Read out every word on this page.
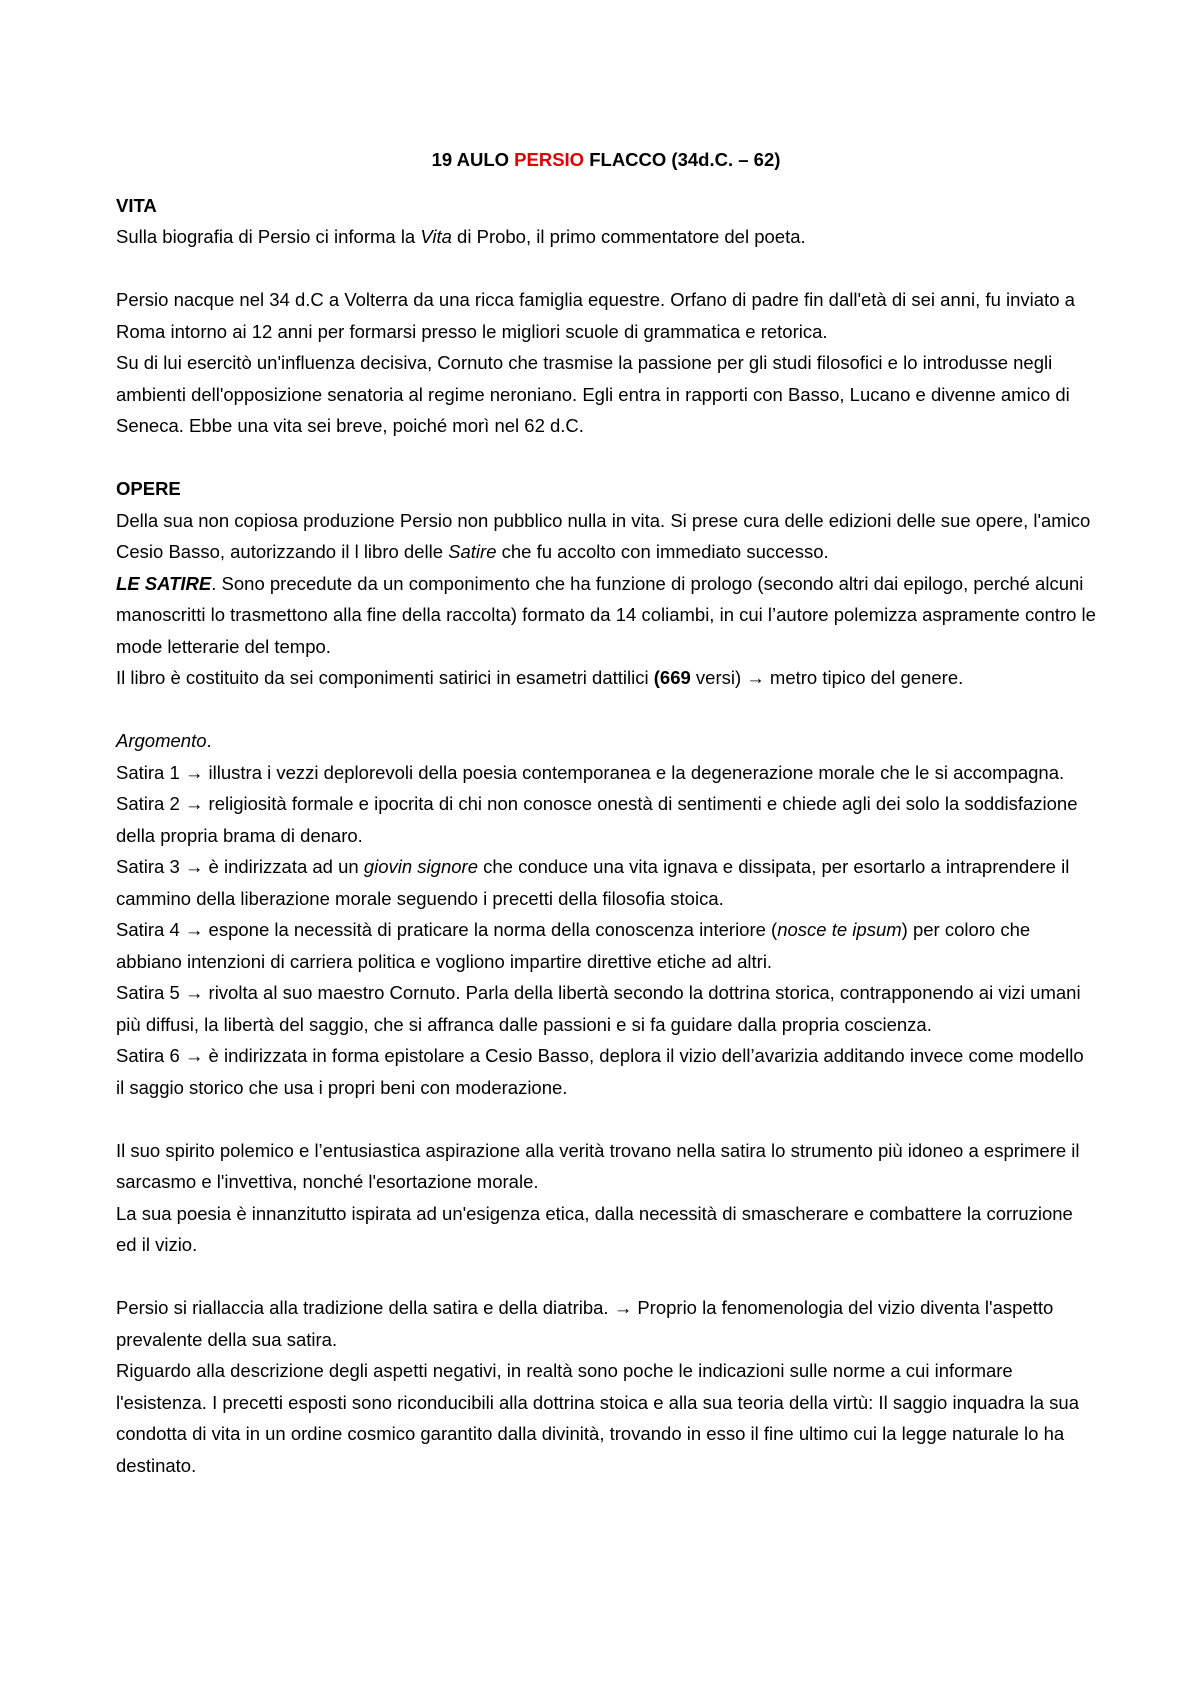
19 AULO PERSIO FLACCO (34d.C. – 62)

VITA

Sulla biografia di Persio ci informa la Vita di Probo, il primo commentatore del poeta.

Persio nacque nel 34 d.C a Volterra da una ricca famiglia equestre. Orfano di padre fin dall'età di sei anni, fu inviato a Roma intorno ai 12 anni per formarsi presso le migliori scuole di grammatica e retorica.

Su di lui esercitò un'influenza decisiva, Cornuto che trasmise la passione per gli studi filosofici e lo introdusse negli ambienti dell'opposizione senatoria al regime neroniano. Egli entra in rapporti con Basso, Lucano e divenne amico di Seneca. Ebbe una vita sei breve, poiché morì nel 62 d.C.

OPERE

Della sua non copiosa produzione Persio non pubblico nulla in vita. Si prese cura delle edizioni delle sue opere, l'amico Cesio Basso, autorizzando il l libro delle Satire che fu accolto con immediato successo.

LE SATIRE. Sono precedute da un componimento che ha funzione di prologo (secondo altri dai epilogo, perché alcuni manoscritti lo trasmettono alla fine della raccolta) formato da 14 coliambi, in cui l’autore polemizza aspramente contro le mode letterarie del tempo.

Il libro è costituito da sei componimenti satirici in esametri dattilici (669 versi) → metro tipico del genere.

Argomento.

Satira 1 → illustra i vezzi deplorevoli della poesia contemporanea e la degenerazione morale che le si accompagna.

Satira 2 → religiosità formale e ipocrita di chi non conosce onestà di sentimenti e chiede agli dei solo la soddisfazione della propria brama di denaro.

Satira 3 → è indirizzata ad un giovin signore che conduce una vita ignava e dissipata, per esortarlo a intraprendere il cammino della liberazione morale seguendo i precetti della filosofia stoica.

Satira 4 → espone la necessità di praticare la norma della conoscenza interiore (nosce te ipsum) per coloro che abbiano intenzioni di carriera politica e vogliono impartire direttive etiche ad altri.

Satira 5 → rivolta al suo maestro Cornuto. Parla della libertà secondo la dottrina storica, contrapponendo ai vizi umani più diffusi, la libertà del saggio, che si affranca dalle passioni e si fa guidare dalla propria coscienza.

Satira 6 → è indirizzata in forma epistolare a Cesio Basso, deplora il vizio dell’avarizia additando invece come modello il saggio storico che usa i propri beni con moderazione.

Il suo spirito polemico e l’entusiastica aspirazione alla verità trovano nella satira lo strumento più idoneo a esprimere il sarcasmo e l'invettiva, nonché l'esortazione morale.

La sua poesia è innanzitutto ispirata ad un'esigenza etica, dalla necessità di smascherare e combattere la corruzione ed il vizio.

Persio si riallaccia alla tradizione della satira e della diatriba. → Proprio la fenomenologia del vizio diventa l'aspetto prevalente della sua satira.

Riguardo alla descrizione degli aspetti negativi, in realtà sono poche le indicazioni sulle norme a cui informare l'esistenza. I precetti esposti sono riconducibili alla dottrina stoica e alla sua teoria della virtù: Il saggio inquadra la sua condotta di vita in un ordine cosmico garantito dalla divinità, trovando in esso il fine ultimo cui la legge naturale lo ha destinato.
